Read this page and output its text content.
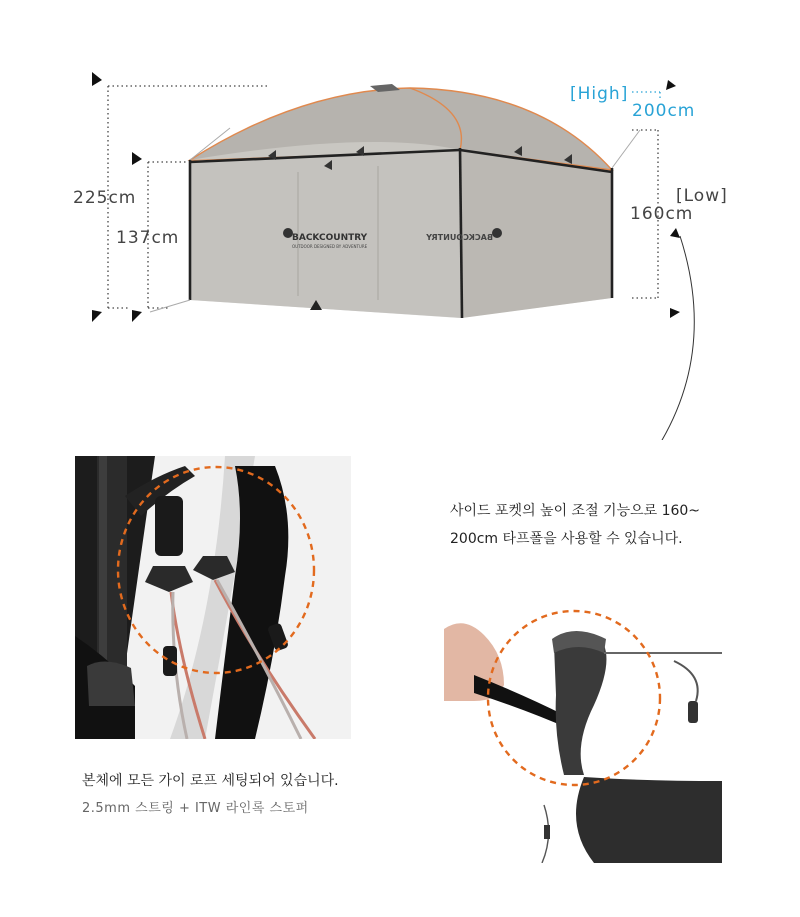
BACKCOUNTRY
OUTDOOR DESIGNED BY ADVENTURE
BACKCOUNTRY
225cm
137cm
[High]
200cm
[Low]
160cm
사이드 포켓의 높이 조절 기능으로 160~
200cm 타프폴을 사용할 수 있습니다.
본체에 모든 가이 로프 세팅되어 있습니다.
2.5mm 스트링 + ITW 라인록 스토퍼
